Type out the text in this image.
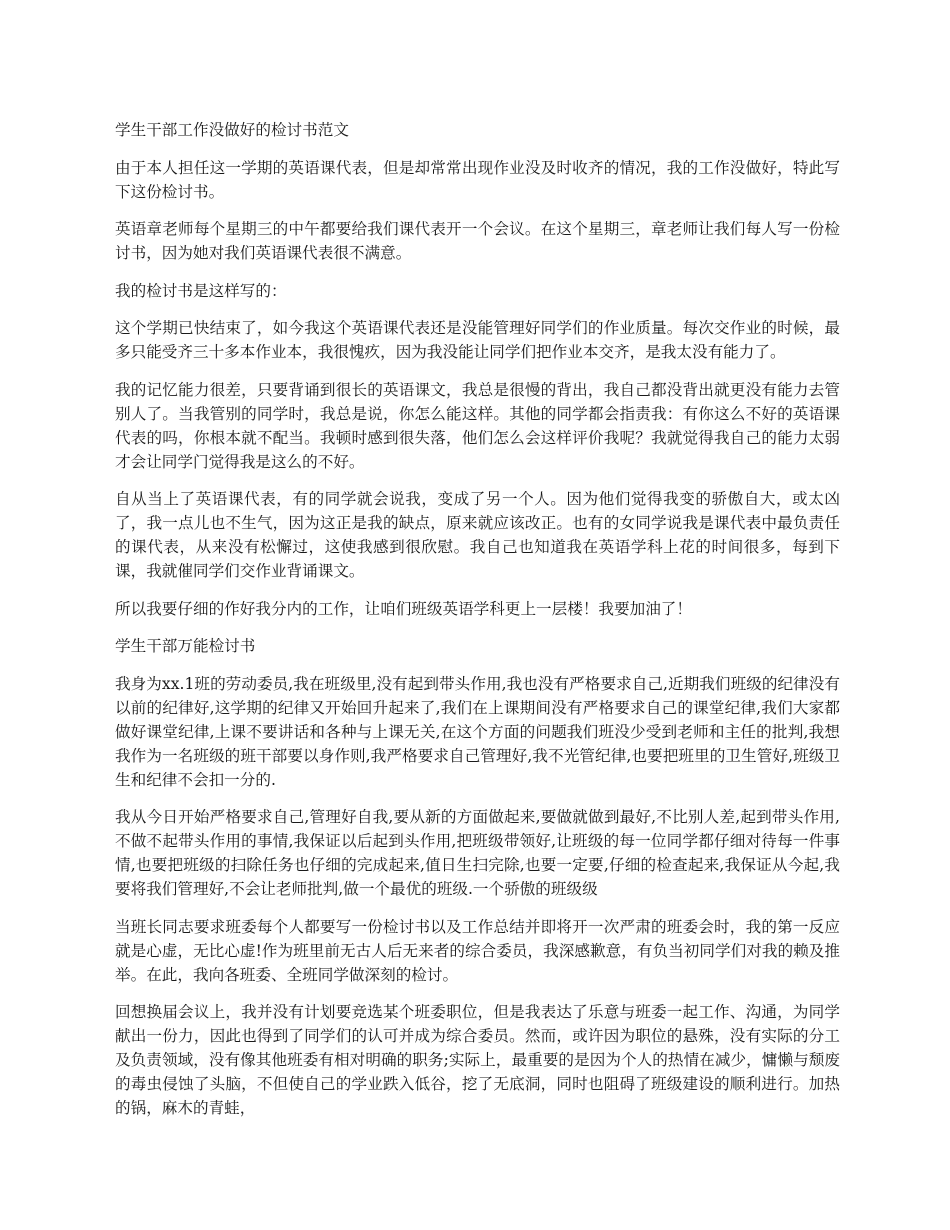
学生干部工作没做好的检讨书范文

由于本人担任这一学期的英语课代表，但是却常常出现作业没及时收齐的情况，我的工作没做好，特此写下这份检讨书。

英语章老师每个星期三的中午都要给我们课代表开一个会议。在这个星期三，章老师让我们每人写一份检讨书，因为她对我们英语课代表很不满意。

我的检讨书是这样写的：

这个学期已快结束了，如今我这个英语课代表还是没能管理好同学们的作业质量。每次交作业的时候，最多只能受齐三十多本作业本，我很愧疚，因为我没能让同学们把作业本交齐，是我太没有能力了。

我的记忆能力很差，只要背诵到很长的英语课文，我总是很慢的背出，我自己都没背出就更没有能力去管别人了。当我管别的同学时，我总是说，你怎么能这样。其他的同学都会指责我：有你这么不好的英语课代表的吗，你根本就不配当。我顿时感到很失落，他们怎么会这样评价我呢？我就觉得我自己的能力太弱才会让同学门觉得我是这么的不好。

自从当上了英语课代表，有的同学就会说我，变成了另一个人。因为他们觉得我变的骄傲自大，或太凶了，我一点儿也不生气，因为这正是我的缺点，原来就应该改正。也有的女同学说我是课代表中最负责任的课代表，从来没有松懈过，这使我感到很欣慰。我自己也知道我在英语学科上花的时间很多，每到下课，我就催同学们交作业背诵课文。

所以我要仔细的作好我分内的工作，让咱们班级英语学科更上一层楼！我要加油了！

学生干部万能检讨书

我身为xx.1班的劳动委员,我在班级里,没有起到带头作用,我也没有严格要求自己,近期我们班级的纪律没有以前的纪律好,这学期的纪律又开始回升起来了,我们在上课期间没有严格要求自己的课堂纪律,我们大家都做好课堂纪律,上课不要讲话和各种与上课无关,在这个方面的问题我们班没少受到老师和主任的批判,我想我作为一名班级的班干部要以身作则,我严格要求自己管理好,我不光管纪律,也要把班里的卫生管好,班级卫生和纪律不会扣一分的.

我从今日开始严格要求自己,管理好自我,要从新的方面做起来,要做就做到最好,不比别人差,起到带头作用,不做不起带头作用的事情,我保证以后起到头作用,把班级带领好,让班级的每一位同学都仔细对待每一件事情,也要把班级的扫除任务也仔细的完成起来,值日生扫完除,也要一定要,仔细的检查起来,我保证从今起,我要将我们管理好,不会让老师批判,做一个最优的班级.一个骄傲的班级级

当班长同志要求班委每个人都要写一份检讨书以及工作总结并即将开一次严肃的班委会时，我的第一反应就是心虚，无比心虚!作为班里前无古人后无来者的综合委员，我深感歉意，有负当初同学们对我的赖及推举。在此，我向各班委、全班同学做深刻的检讨。

回想换届会议上，我并没有计划要竞选某个班委职位，但是我表达了乐意与班委一起工作、沟通，为同学献出一份力，因此也得到了同学们的认可并成为综合委员。然而，或许因为职位的悬殊，没有实际的分工及负责领域，没有像其他班委有相对明确的职务;实际上，最重要的是因为个人的热情在减少，慵懒与颓废的毒虫侵蚀了头脑，不但使自己的学业跌入低谷，挖了无底洞，同时也阻碍了班级建设的顺利进行。加热的锅，麻木的青蛙，
